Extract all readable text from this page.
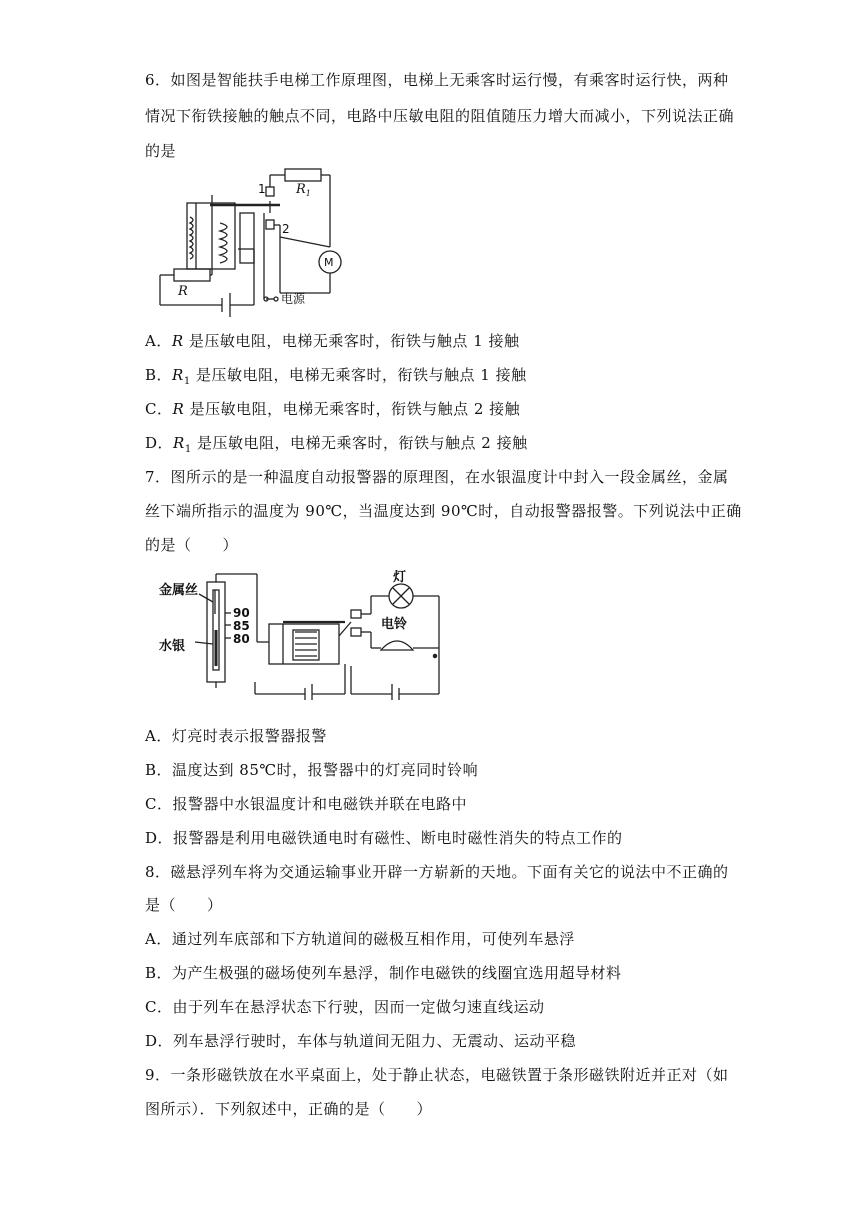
6．如图是智能扶手电梯工作原理图，电梯上无乘客时运行慢，有乘客时运行快，两种
情况下衔铁接触的触点不同，电路中压敏电阻的阻值随压力增大而减小，下列说法正确
的是
1
2
$R_1$
R
M
电源
A．R 是压敏电阻，电梯无乘客时，衔铁与触点 1 接触
B．$R_1$ 是压敏电阻，电梯无乘客时，衔铁与触点 1 接触
C．R 是压敏电阻，电梯无乘客时，衔铁与触点 2 接触
D．$R_1$ 是压敏电阻，电梯无乘客时，衔铁与触点 2 接触
7．图所示的是一种温度自动报警器的原理图，在水银温度计中封入一段金属丝，金属
丝下端所指示的温度为 90℃，当温度达到 90℃时，自动报警器报警。下列说法中正确
的是（　　）
金属丝
水银
90
85
80
灯
电铃
A．灯亮时表示报警器报警
B．温度达到 85℃时，报警器中的灯亮同时铃响
C．报警器中水银温度计和电磁铁并联在电路中
D．报警器是利用电磁铁通电时有磁性、断电时磁性消失的特点工作的
8．磁悬浮列车将为交通运输事业开辟一方崭新的天地。下面有关它的说法中不正确的
是（　　）
A．通过列车底部和下方轨道间的磁极互相作用，可使列车悬浮
B．为产生极强的磁场使列车悬浮，制作电磁铁的线圈宜选用超导材料
C．由于列车在悬浮状态下行驶，因而一定做匀速直线运动
D．列车悬浮行驶时，车体与轨道间无阻力、无震动、运动平稳
9．一条形磁铁放在水平桌面上，处于静止状态，电磁铁置于条形磁铁附近并正对（如
图所示）．下列叙述中，正确的是（　　）
